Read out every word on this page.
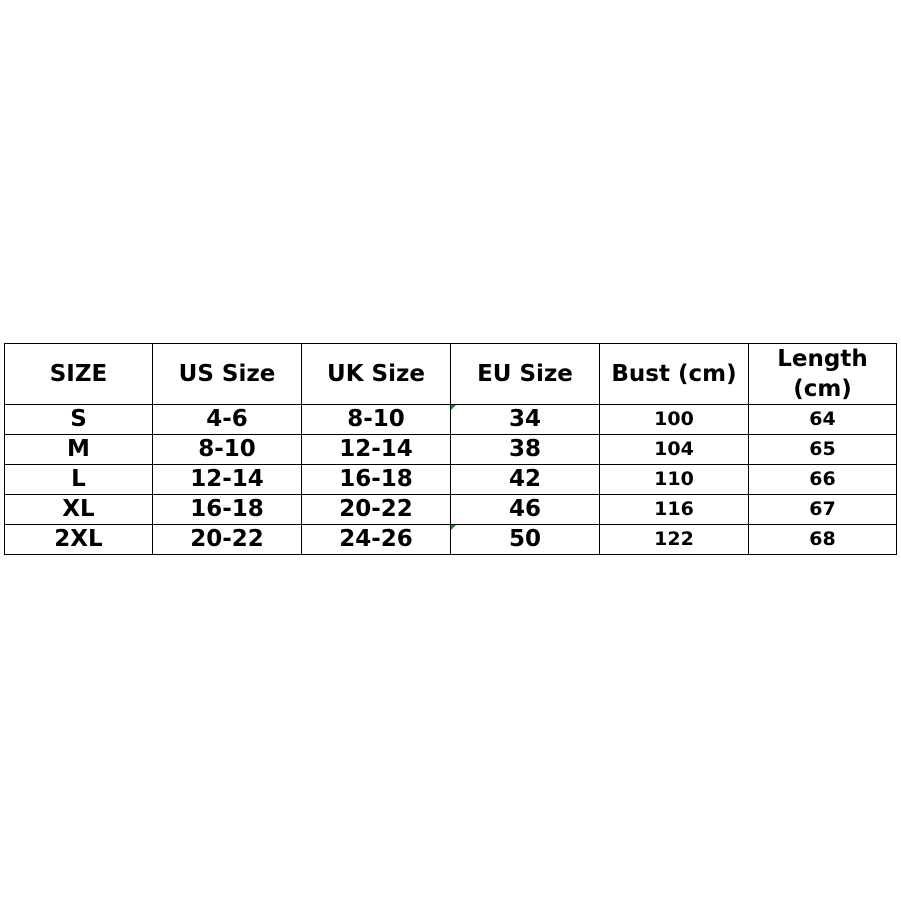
SIZE	US Size	UK Size	EU Size	Bust (cm)	Length (cm)
S	4-6	8-10	34	100	64
M	8-10	12-14	38	104	65
L	12-14	16-18	42	110	66
XL	16-18	20-22	46	116	67
2XL	20-22	24-26	50	122	68
